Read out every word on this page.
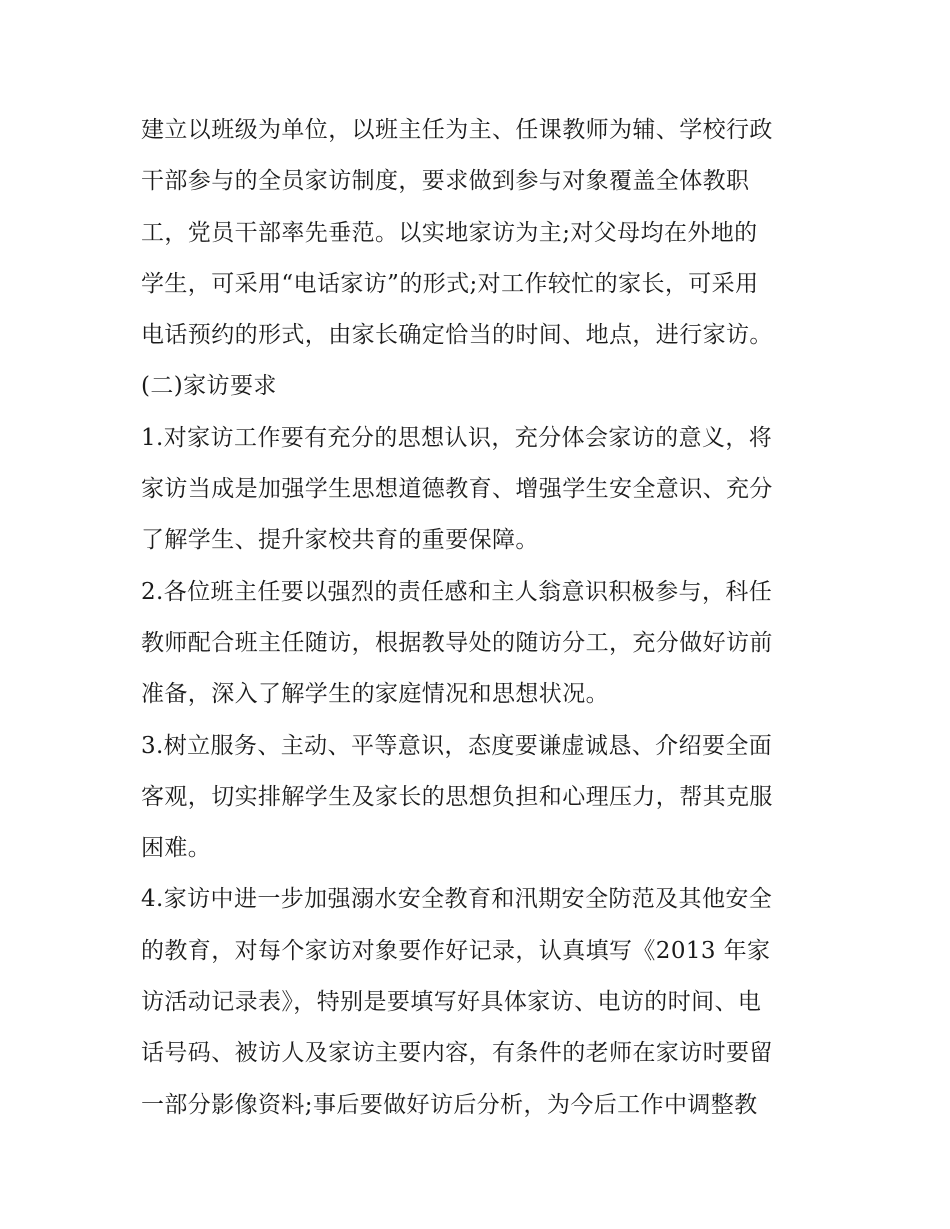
建立以班级为单位，以班主任为主、任课教师为辅、学校行政
干部参与的全员家访制度，要求做到参与对象覆盖全体教职
工，党员干部率先垂范。以实地家访为主;对父母均在外地的
学生，可采用“电话家访”的形式;对工作较忙的家长，可采用
电话预约的形式，由家长确定恰当的时间、地点，进行家访。
(二)家访要求
1.对家访工作要有充分的思想认识，充分体会家访的意义，将
家访当成是加强学生思想道德教育、增强学生安全意识、充分
了解学生、提升家校共育的重要保障。
2.各位班主任要以强烈的责任感和主人翁意识积极参与，科任
教师配合班主任随访，根据教导处的随访分工，充分做好访前
准备，深入了解学生的家庭情况和思想状况。
3.树立服务、主动、平等意识，态度要谦虚诚恳、介绍要全面
客观，切实排解学生及家长的思想负担和心理压力，帮其克服
困难。
4.家访中进一步加强溺水安全教育和汛期安全防范及其他安全
的教育，对每个家访对象要作好记录，认真填写《2013 年家
访活动记录表》，特别是要填写好具体家访、电访的时间、电
话号码、被访人及家访主要内容，有条件的老师在家访时要留
一部分影像资料;事后要做好访后分析，为今后工作中调整教
